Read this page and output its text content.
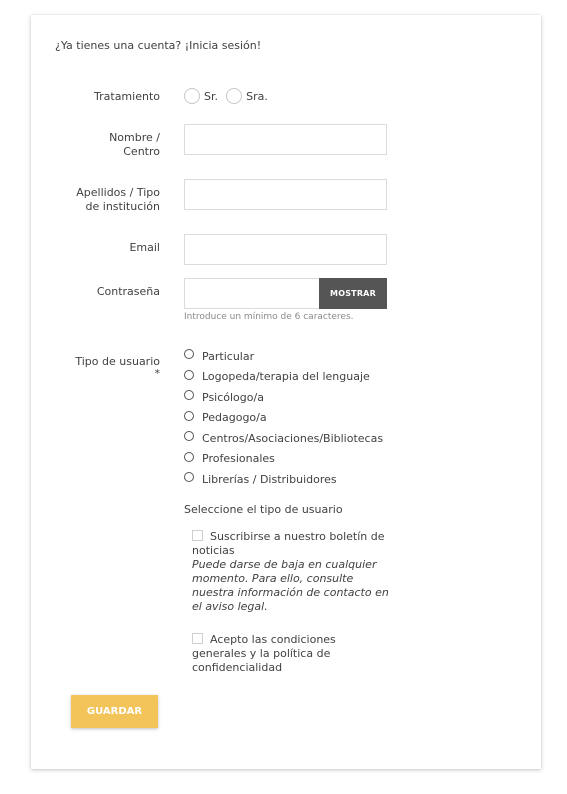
¿Ya tienes una cuenta? ¡Inicia sesión!
Tratamiento	Sr.
	Sra.
Nombre /
Centro
Apellidos / Tipo
de institución
Email
Contraseña	MOSTRAR
Introduce un mínimo de 6 caracteres.
Tipo de usuario
*
Particular
Logopeda/terapia del lenguaje
Psicólogo/a
Pedagogo/a
Centros/Asociaciones/Bibliotecas
Profesionales
Librerías / Distribuidores
Seleccione el tipo de usuario
Suscribirse a nuestro boletín de noticias
Puede darse de baja en cualquier momento. Para ello, consulte nuestra información de contacto en el aviso legal.
Acepto las condiciones generales y la política de confidencialidad
GUARDAR
